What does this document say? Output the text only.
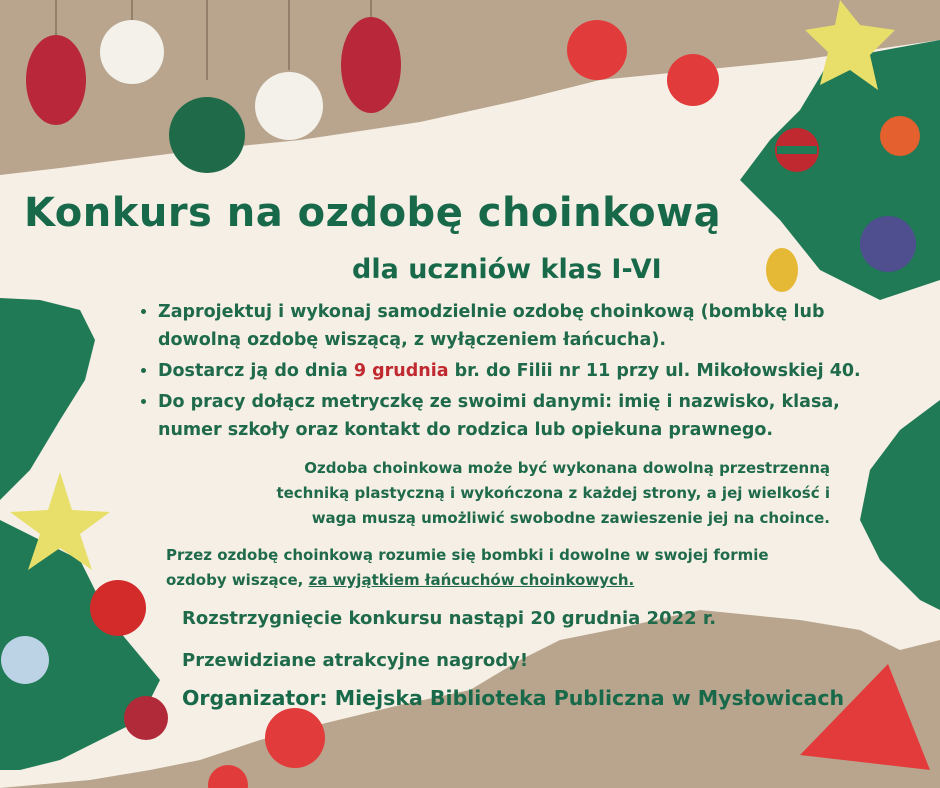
Konkurs na ozdobę choinkową
dla uczniów klas I-VI
• Zaprojektuj i wykonaj samodzielnie ozdobę choinkową (bombkę lub dowolną ozdobę wiszącą, z wyłączeniem łańcucha).
• Dostarcz ją do dnia 9 grudnia br. do Filii nr 11 przy ul. Mikołowskiej 40.
• Do pracy dołącz metryczkę ze swoimi danymi: imię i nazwisko, klasa, numer szkoły oraz kontakt do rodzica lub opiekuna prawnego.
Ozdoba choinkowa może być wykonana dowolną przestrzenną techniką plastyczną i wykończona z każdej strony, a jej wielkość i waga muszą umożliwić swobodne zawieszenie jej na choince.
Przez ozdobę choinkową rozumie się bombki i dowolne w swojej formie ozdoby wiszące, za wyjątkiem łańcuchów choinkowych.
Rozstrzygnięcie konkursu nastąpi 20 grudnia 2022 r.
Przewidziane atrakcyjne nagrody!
Organizator: Miejska Biblioteka Publiczna w Mysłowicach
